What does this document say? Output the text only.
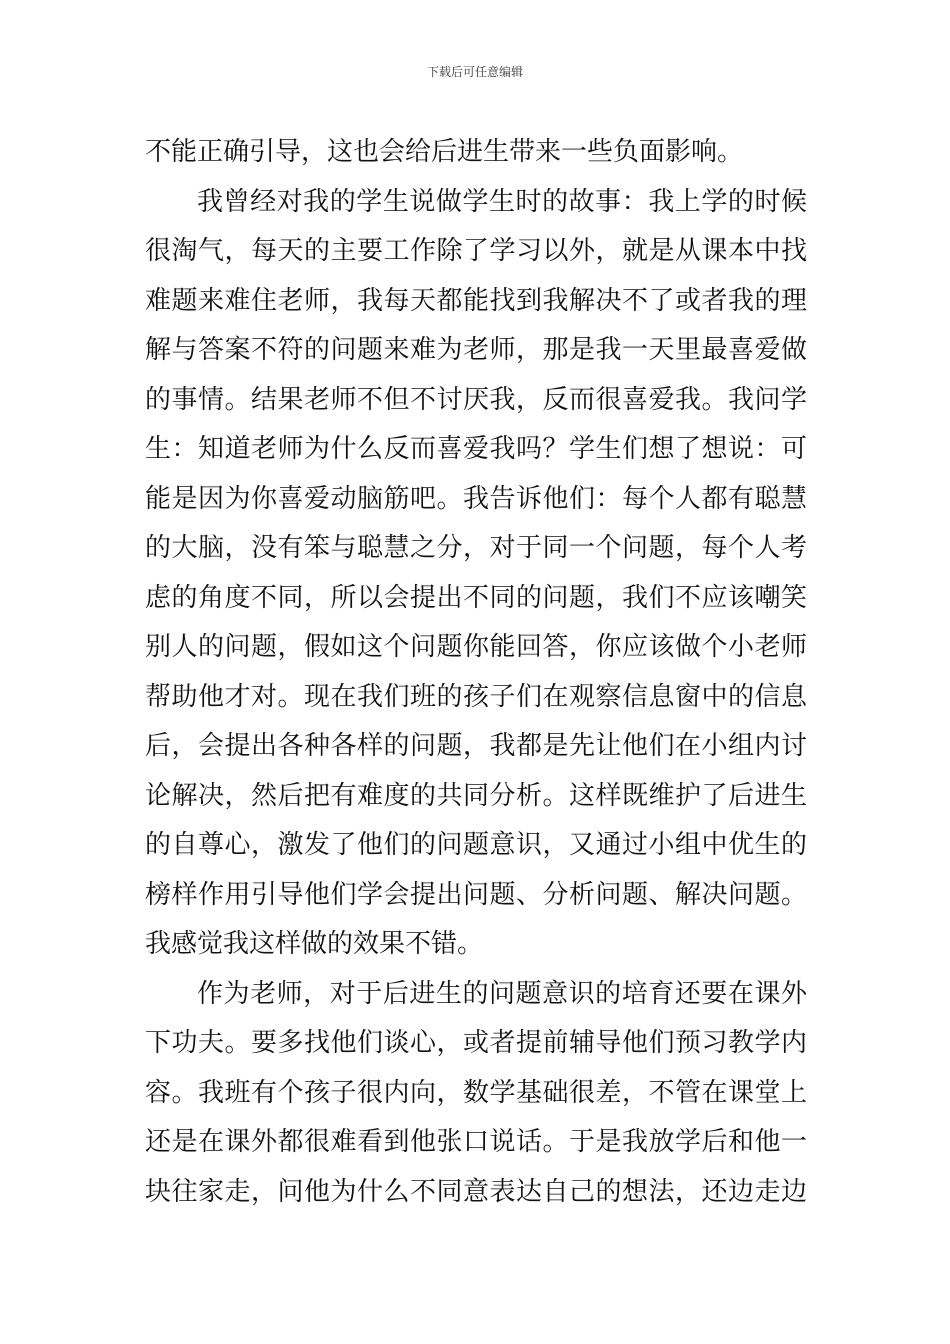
下载后可任意编辑
不能正确引导，这也会给后进生带来一些负面影响。
我曾经对我的学生说做学生时的故事：我上学的时候
很淘气，每天的主要工作除了学习以外，就是从课本中找
难题来难住老师，我每天都能找到我解决不了或者我的理
解与答案不符的问题来难为老师，那是我一天里最喜爱做
的事情。结果老师不但不讨厌我，反而很喜爱我。我问学
生：知道老师为什么反而喜爱我吗？学生们想了想说：可
能是因为你喜爱动脑筋吧。我告诉他们：每个人都有聪慧
的大脑，没有笨与聪慧之分，对于同一个问题，每个人考
虑的角度不同，所以会提出不同的问题，我们不应该嘲笑
别人的问题，假如这个问题你能回答，你应该做个小老师
帮助他才对。现在我们班的孩子们在观察信息窗中的信息
后，会提出各种各样的问题，我都是先让他们在小组内讨
论解决，然后把有难度的共同分析。这样既维护了后进生
的自尊心，激发了他们的问题意识，又通过小组中优生的
榜样作用引导他们学会提出问题、分析问题、解决问题。
我感觉我这样做的效果不错。
作为老师，对于后进生的问题意识的培育还要在课外
下功夫。要多找他们谈心，或者提前辅导他们预习教学内
容。我班有个孩子很内向，数学基础很差，不管在课堂上
还是在课外都很难看到他张口说话。于是我放学后和他一
块往家走，问他为什么不同意表达自己的想法，还边走边
